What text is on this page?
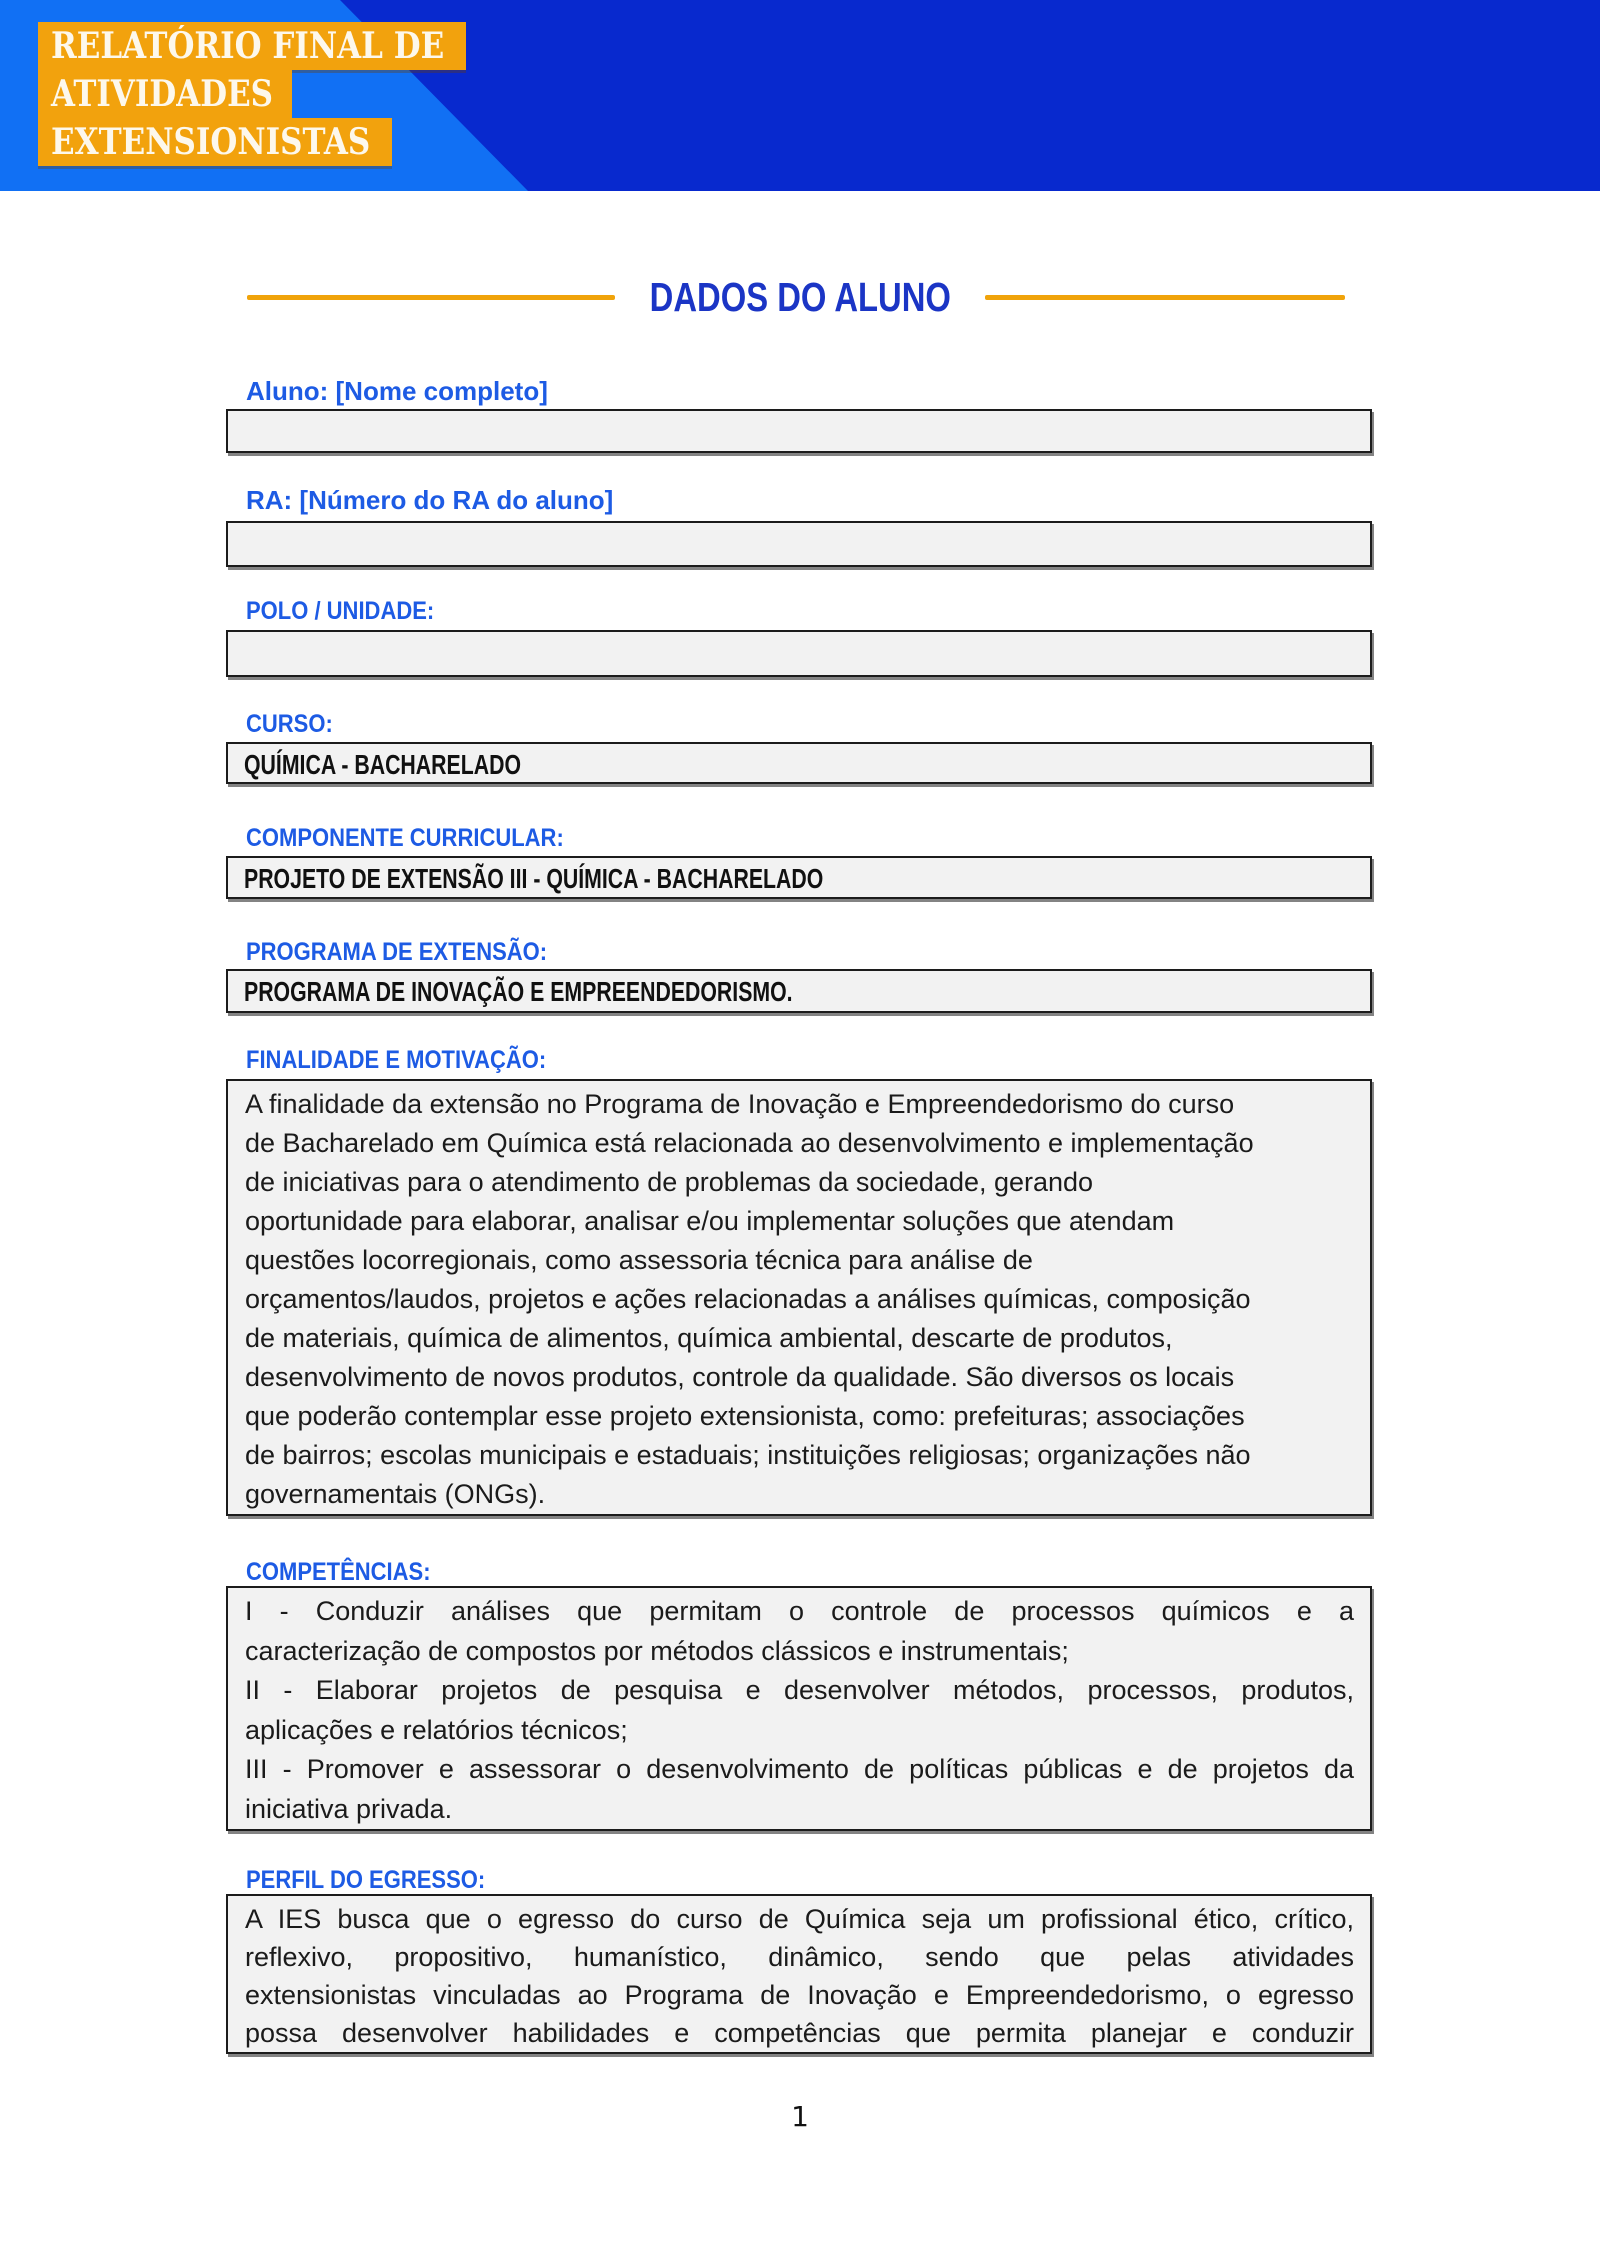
RELATÓRIO FINAL DE
ATIVIDADES
EXTENSIONISTAS
DADOS DO ALUNO
Aluno: [Nome completo]
RA: [Número do RA do aluno]
POLO / UNIDADE:
CURSO:
QUÍMICA - BACHARELADO
COMPONENTE CURRICULAR:
PROJETO DE EXTENSÃO III - QUÍMICA - BACHARELADO
PROGRAMA DE EXTENSÃO:
PROGRAMA DE INOVAÇÃO E EMPREENDEDORISMO.
FINALIDADE E MOTIVAÇÃO:
A finalidade da extensão no Programa de Inovação e Empreendedorismo do curso
de Bacharelado em Química está relacionada ao desenvolvimento e implementação
de iniciativas para o atendimento de problemas da sociedade, gerando
oportunidade para elaborar, analisar e/ou implementar soluções que atendam
questões locorregionais, como assessoria técnica para análise de
orçamentos/laudos, projetos e ações relacionadas a análises químicas, composição
de materiais, química de alimentos, química ambiental, descarte de produtos,
desenvolvimento de novos produtos, controle da qualidade. São diversos os locais
que poderão contemplar esse projeto extensionista, como: prefeituras; associações
de bairros; escolas municipais e estaduais; instituições religiosas; organizações não
governamentais (ONGs).
COMPETÊNCIAS:
I - Conduzir análises que permitam o controle de processos químicos e a
caracterização de compostos por métodos clássicos e instrumentais;
II - Elaborar projetos de pesquisa e desenvolver métodos, processos, produtos,
aplicações e relatórios técnicos;
III - Promover e assessorar o desenvolvimento de políticas públicas e de projetos da
iniciativa privada.
PERFIL DO EGRESSO:
A IES busca que o egresso do curso de Química seja um profissional ético, crítico,
reflexivo, propositivo, humanístico, dinâmico, sendo que pelas atividades
extensionistas vinculadas ao Programa de Inovação e Empreendedorismo, o egresso
possa desenvolver habilidades e competências que permita planejar e conduzir
1
